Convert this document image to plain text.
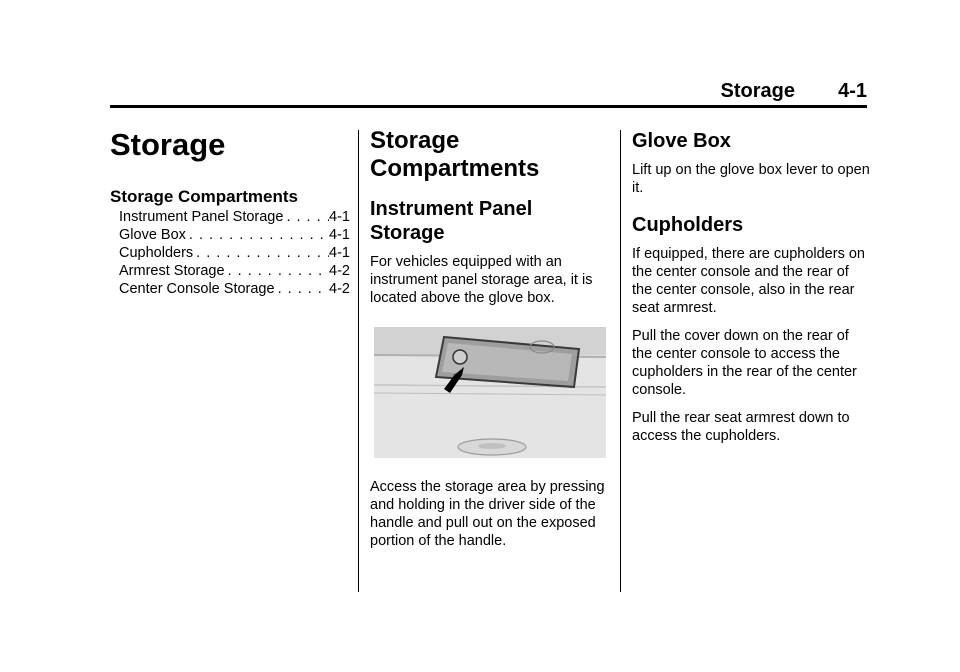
Storage 4-1
Storage
Storage Compartments
Instrument Panel Storage . . .	4-1
Glove Box . . .	4-1
Cupholders . . .	4-1
Armrest Storage . . .	4-2
Center Console Storage . . .	4-2
Storage
Compartments
Instrument Panel Storage

For vehicles equipped with an instrument panel storage area, it is located above the glove box.

Access the storage area by pressing and holding in the driver side of the handle and pull out on the exposed portion of the handle.

Glove Box

Lift up on the glove box lever to open it.

Cupholders

If equipped, there are cupholders on the center console and the rear of the center console, also in the rear seat armrest.

Pull the cover down on the rear of the center console to access the cupholders in the rear of the center console.

Pull the rear seat armrest down to access the cupholders.
